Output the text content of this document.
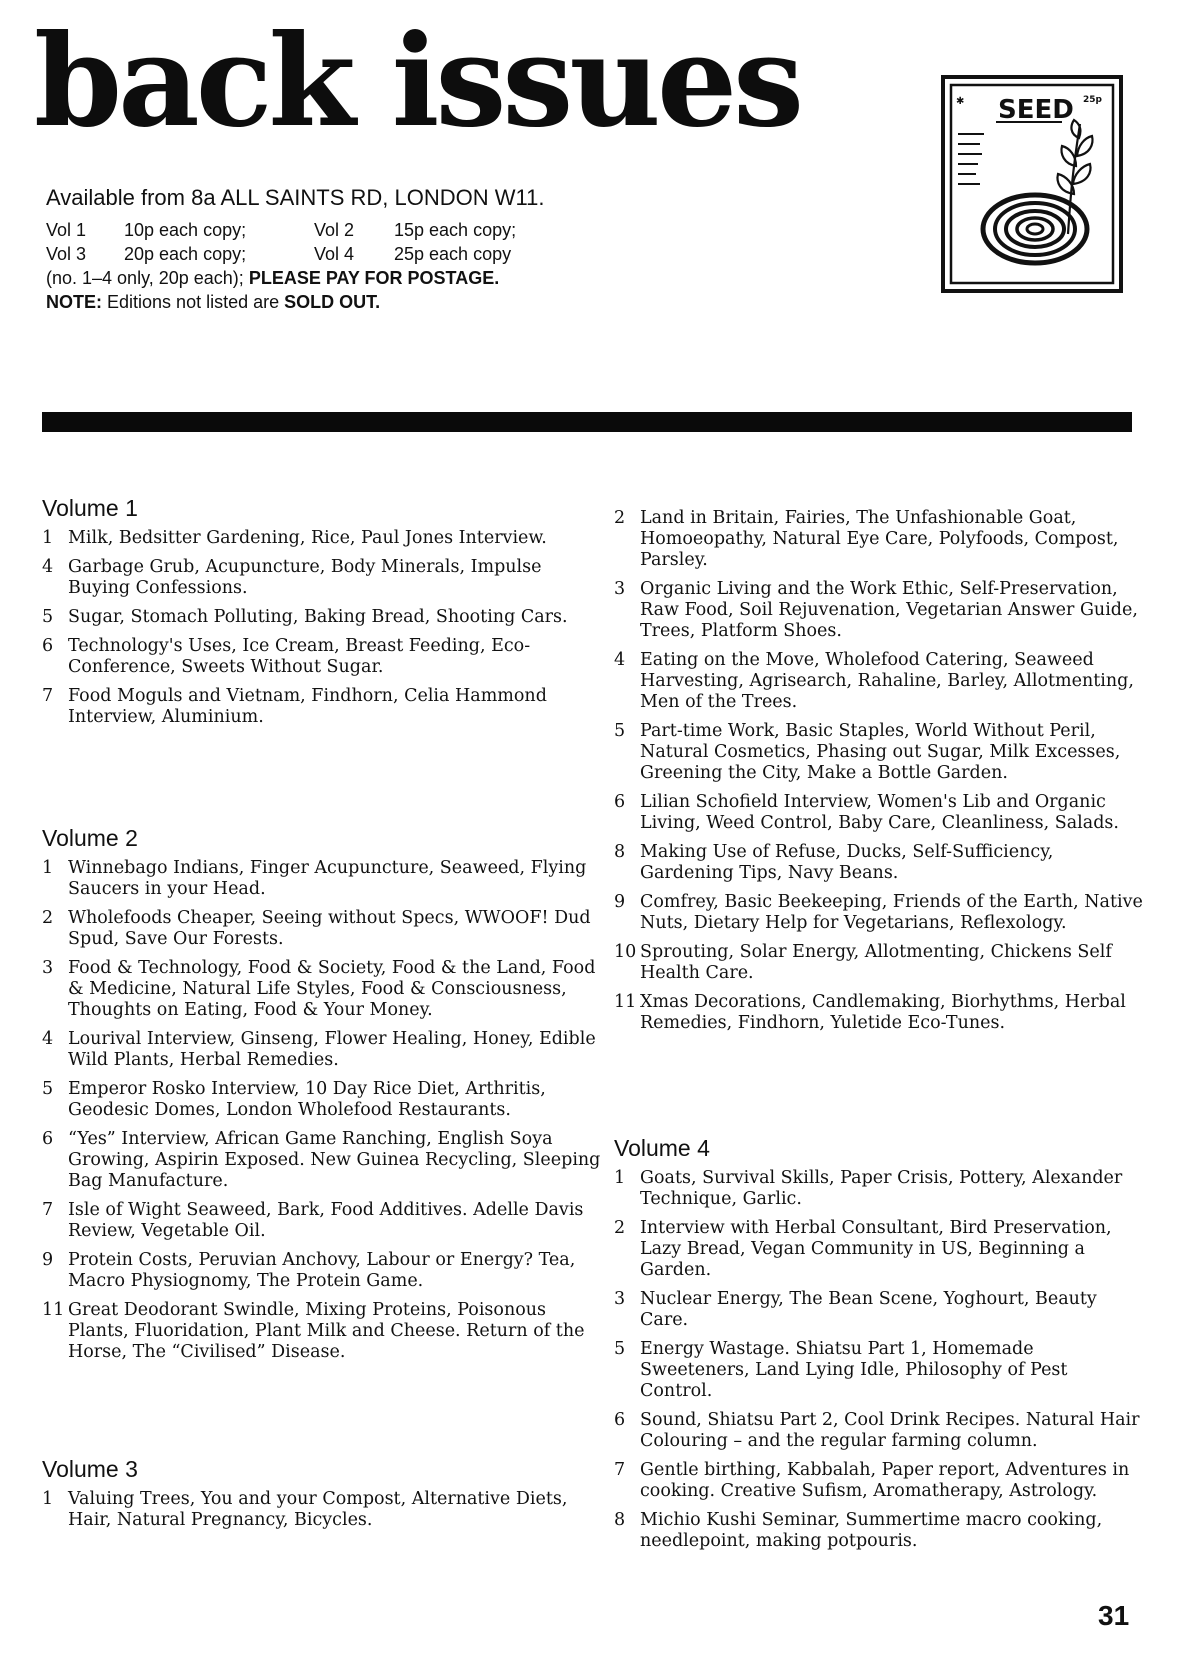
back issues
Available from 8a ALL SAINTS RD, LONDON W11.
Vol 1	10p each copy;	Vol 2	15p each copy;
Vol 3	20p each copy;	Vol 4	25p each copy
(no. 1–4 only, 20p each); PLEASE PAY FOR POSTAGE.
NOTE: Editions not listed are SOLD OUT.
SEED 25p
✱
Volume 1
1 Milk, Bedsitter Gardening, Rice, Paul Jones Interview.
4 Garbage Grub, Acupuncture, Body Minerals, Impulse Buying Confessions.
5 Sugar, Stomach Polluting, Baking Bread, Shooting Cars.
6 Technology's Uses, Ice Cream, Breast Feeding, Eco-Conference, Sweets Without Sugar.
7 Food Moguls and Vietnam, Findhorn, Celia Hammond Interview, Aluminium.
Volume 2
1 Winnebago Indians, Finger Acupuncture, Seaweed, Flying Saucers in your Head.
2 Wholefoods Cheaper, Seeing without Specs, WWOOF! Dud Spud, Save Our Forests.
3 Food & Technology, Food & Society, Food & the Land, Food & Medicine, Natural Life Styles, Food & Consciousness, Thoughts on Eating, Food & Your Money.
4 Lourival Interview, Ginseng, Flower Healing, Honey, Edible Wild Plants, Herbal Remedies.
5 Emperor Rosko Interview, 10 Day Rice Diet, Arthritis, Geodesic Domes, London Wholefood Restaurants.
6 “Yes” Interview, African Game Ranching, English Soya Growing, Aspirin Exposed. New Guinea Recycling, Sleeping Bag Manufacture.
7 Isle of Wight Seaweed, Bark, Food Additives. Adelle Davis Review, Vegetable Oil.
9 Protein Costs, Peruvian Anchovy, Labour or Energy? Tea, Macro Physiognomy, The Protein Game.
11 Great Deodorant Swindle, Mixing Proteins, Poisonous Plants, Fluoridation, Plant Milk and Cheese. Return of the Horse, The “Civilised” Disease.
Volume 3
1 Valuing Trees, You and your Compost, Alternative Diets, Hair, Natural Pregnancy, Bicycles.
2 Land in Britain, Fairies, The Unfashionable Goat, Homoeopathy, Natural Eye Care, Polyfoods, Compost, Parsley.
3 Organic Living and the Work Ethic, Self-Preservation, Raw Food, Soil Rejuvenation, Vegetarian Answer Guide, Trees, Platform Shoes.
4 Eating on the Move, Wholefood Catering, Seaweed Harvesting, Agrisearch, Rahaline, Barley, Allotmenting, Men of the Trees.
5 Part-time Work, Basic Staples, World Without Peril, Natural Cosmetics, Phasing out Sugar, Milk Excesses, Greening the City, Make a Bottle Garden.
6 Lilian Schofield Interview, Women's Lib and Organic Living, Weed Control, Baby Care, Cleanliness, Salads.
8 Making Use of Refuse, Ducks, Self-Sufficiency, Gardening Tips, Navy Beans.
9 Comfrey, Basic Beekeeping, Friends of the Earth, Native Nuts, Dietary Help for Vegetarians, Reflexology.
10 Sprouting, Solar Energy, Allotmenting, Chickens Self Health Care.
11 Xmas Decorations, Candlemaking, Biorhythms, Herbal Remedies, Findhorn, Yuletide Eco-Tunes.
Volume 4
1 Goats, Survival Skills, Paper Crisis, Pottery, Alexander Technique, Garlic.
2 Interview with Herbal Consultant, Bird Preservation, Lazy Bread, Vegan Community in US, Beginning a Garden.
3 Nuclear Energy, The Bean Scene, Yoghourt, Beauty Care.
5 Energy Wastage. Shiatsu Part 1, Homemade Sweeteners, Land Lying Idle, Philosophy of Pest Control.
6 Sound, Shiatsu Part 2, Cool Drink Recipes. Natural Hair Colouring – and the regular farming column.
7 Gentle birthing, Kabbalah, Paper report, Adventures in cooking. Creative Sufism, Aromatherapy, Astrology.
8 Michio Kushi Seminar, Summertime macro cooking, needlepoint, making potpouris.
31
